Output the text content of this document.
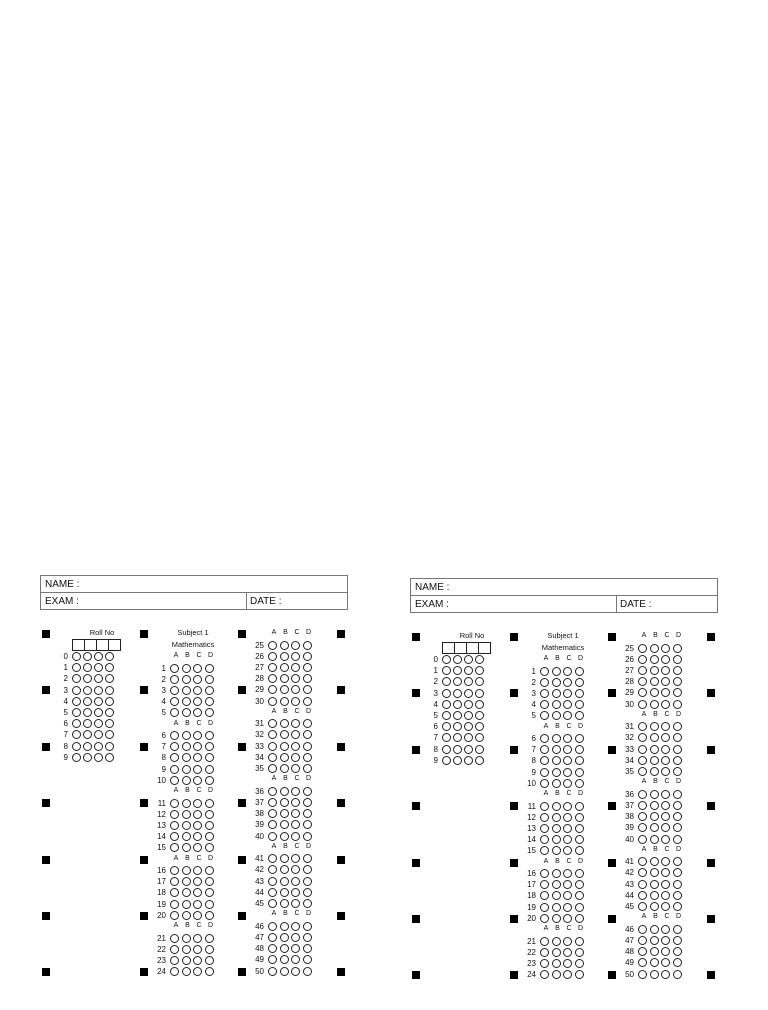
NAME :
EXAM :	DATE :
Roll No
0
1
2
3
4
5
6
7
8
9
Subject 1
Mathematics
A B C D
1
2
3
4
5
A B C D
6
7
8
9
10
A B C D
11
12
13
14
15
A B C D
16
17
18
19
20
A B C D
21
22
23
24
A B C D
25
26
27
28
29
30
A B C D
31
32
33
34
35
A B C D
36
37
38
39
40
A B C D
41
42
43
44
45
A B C D
46
47
48
49
50
NAME :
EXAM :	DATE :
Roll No
0
1
2
3
4
5
6
7
8
9
Subject 1
Mathematics
A B C D
1
2
3
4
5
A B C D
6
7
8
9
10
A B C D
11
12
13
14
15
A B C D
16
17
18
19
20
A B C D
21
22
23
24
A B C D
25
26
27
28
29
30
A B C D
31
32
33
34
35
A B C D
36
37
38
39
40
A B C D
41
42
43
44
45
A B C D
46
47
48
49
50
